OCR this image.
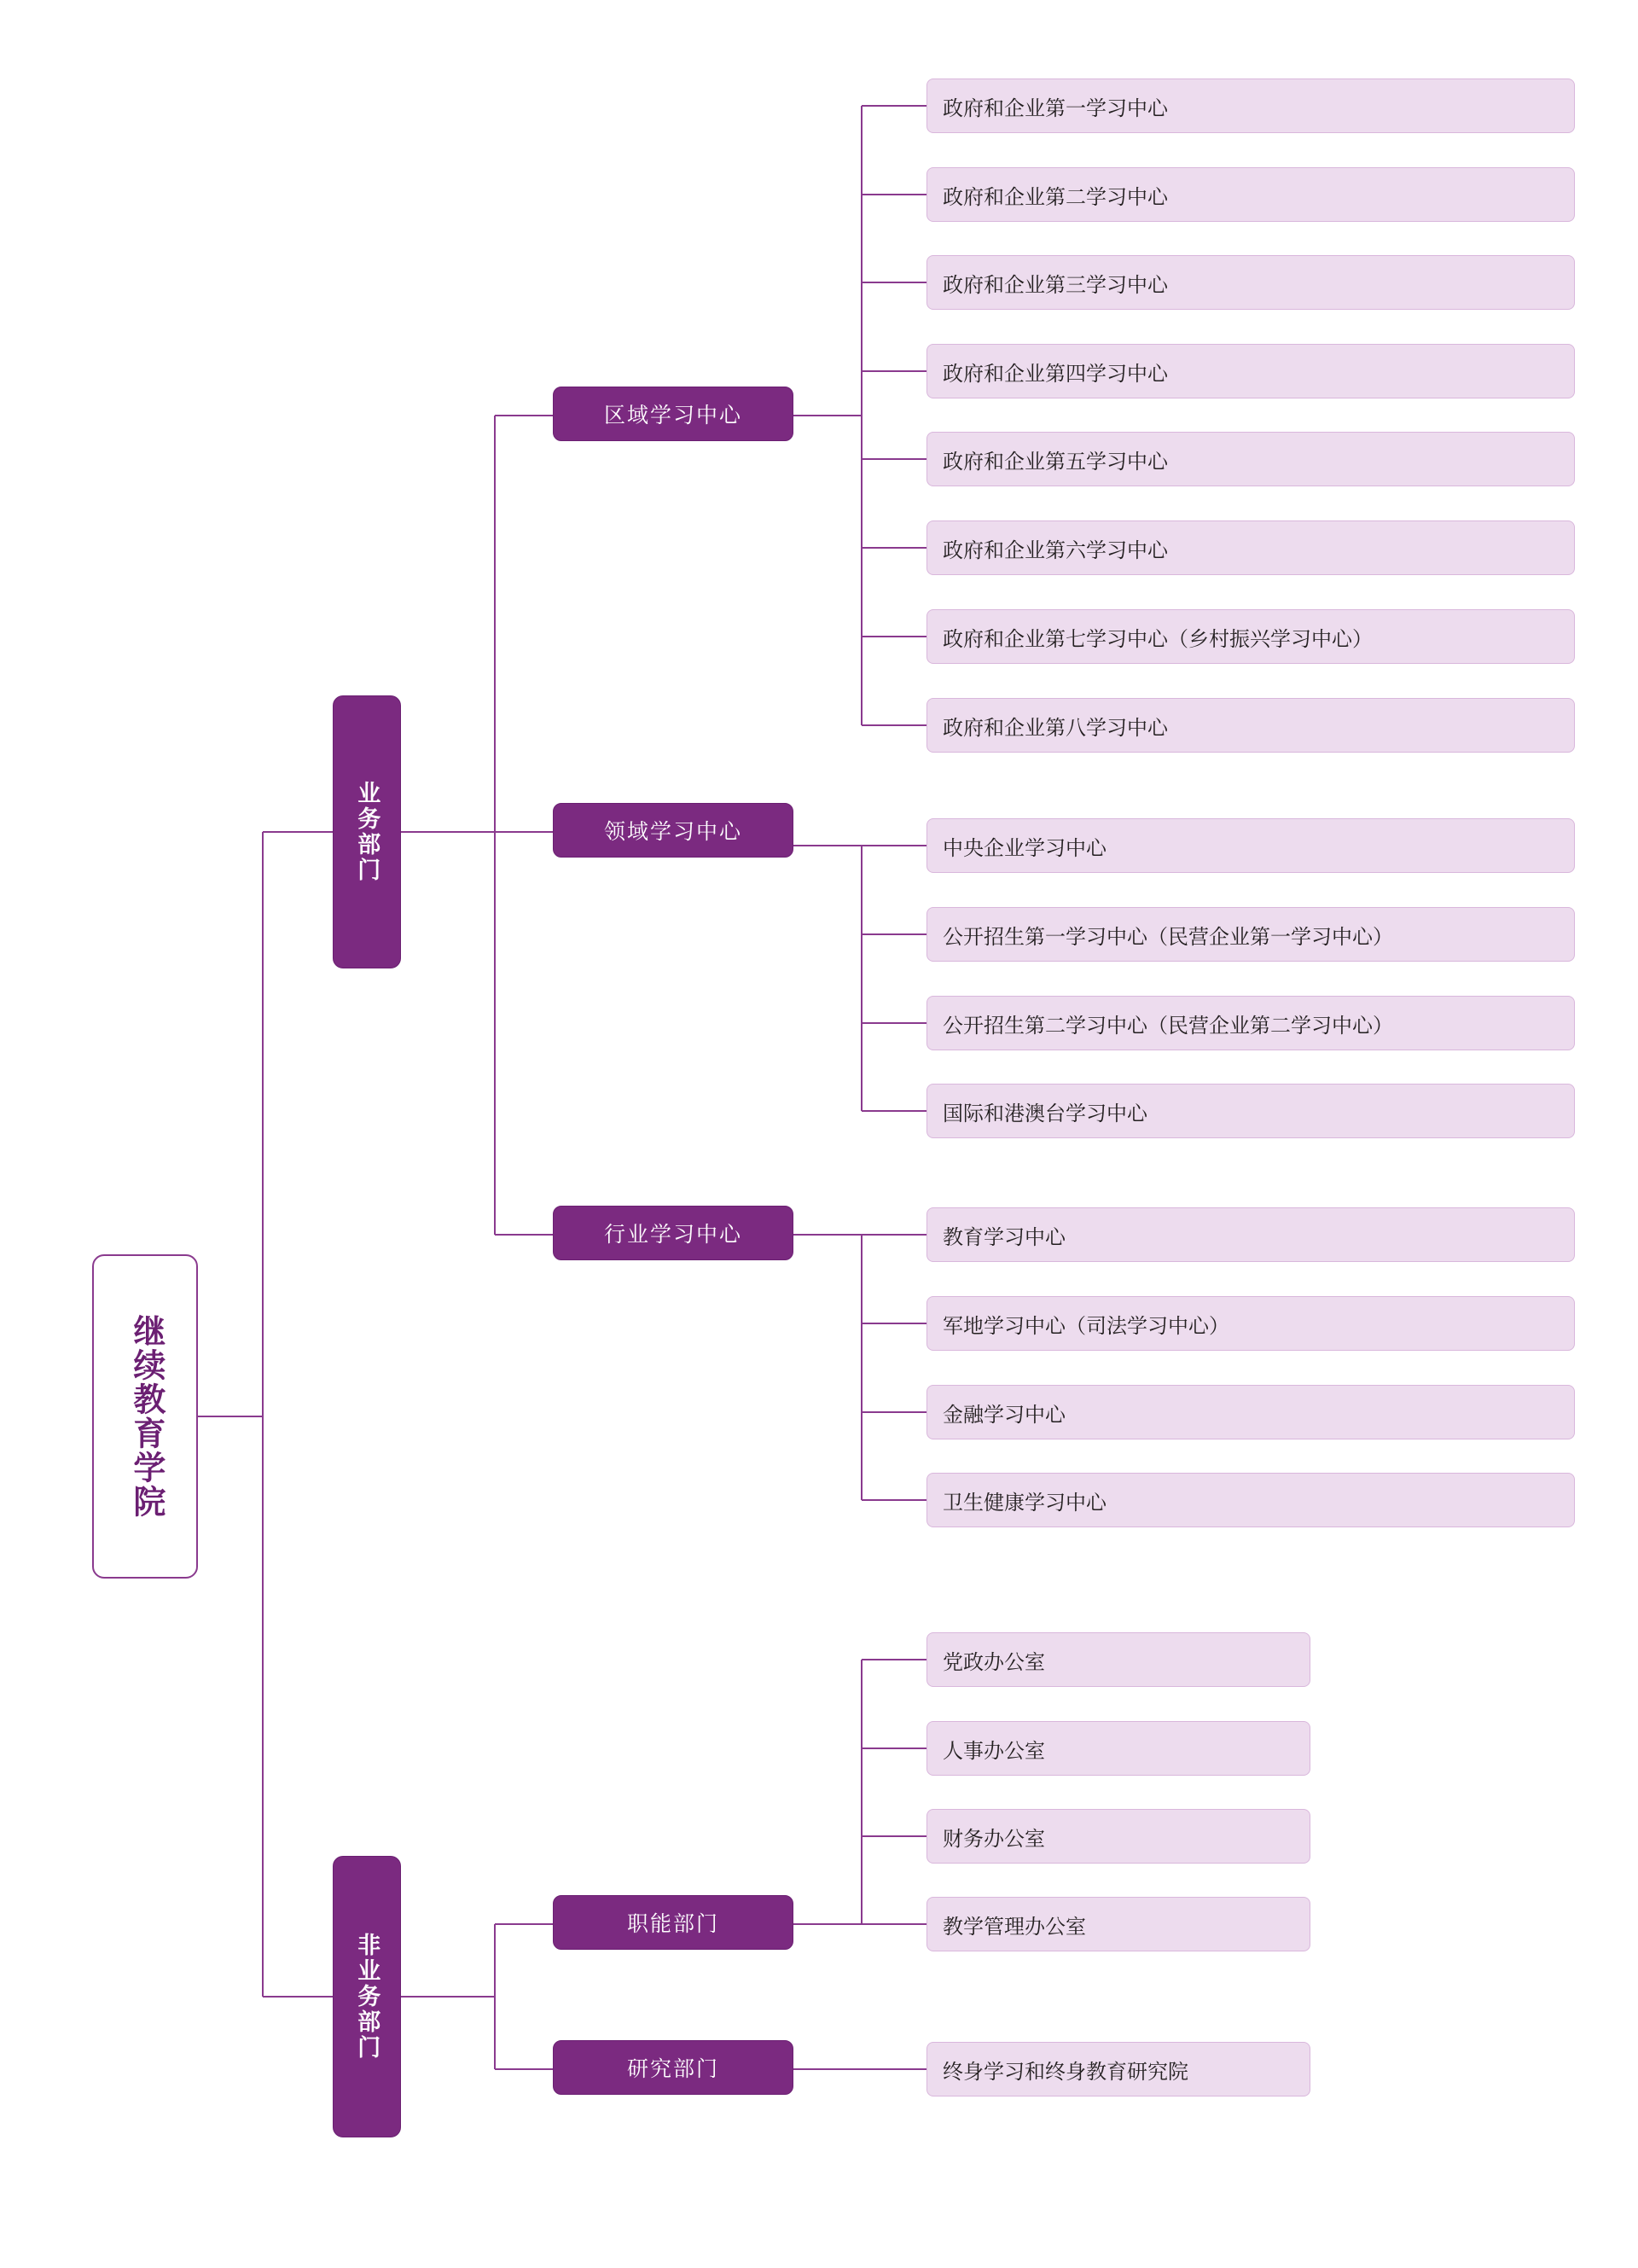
继续教育学院
业务部门
非业务部门
区域学习中心
领域学习中心
行业学习中心
职能部门
研究部门
政府和企业第一学习中心
政府和企业第二学习中心
政府和企业第三学习中心
政府和企业第四学习中心
政府和企业第五学习中心
政府和企业第六学习中心
政府和企业第七学习中心（乡村振兴学习中心）
政府和企业第八学习中心
中央企业学习中心
公开招生第一学习中心（民营企业第一学习中心）
公开招生第二学习中心（民营企业第二学习中心）
国际和港澳台学习中心
教育学习中心
军地学习中心（司法学习中心）
金融学习中心
卫生健康学习中心
党政办公室
人事办公室
财务办公室
教学管理办公室
终身学习和终身教育研究院
